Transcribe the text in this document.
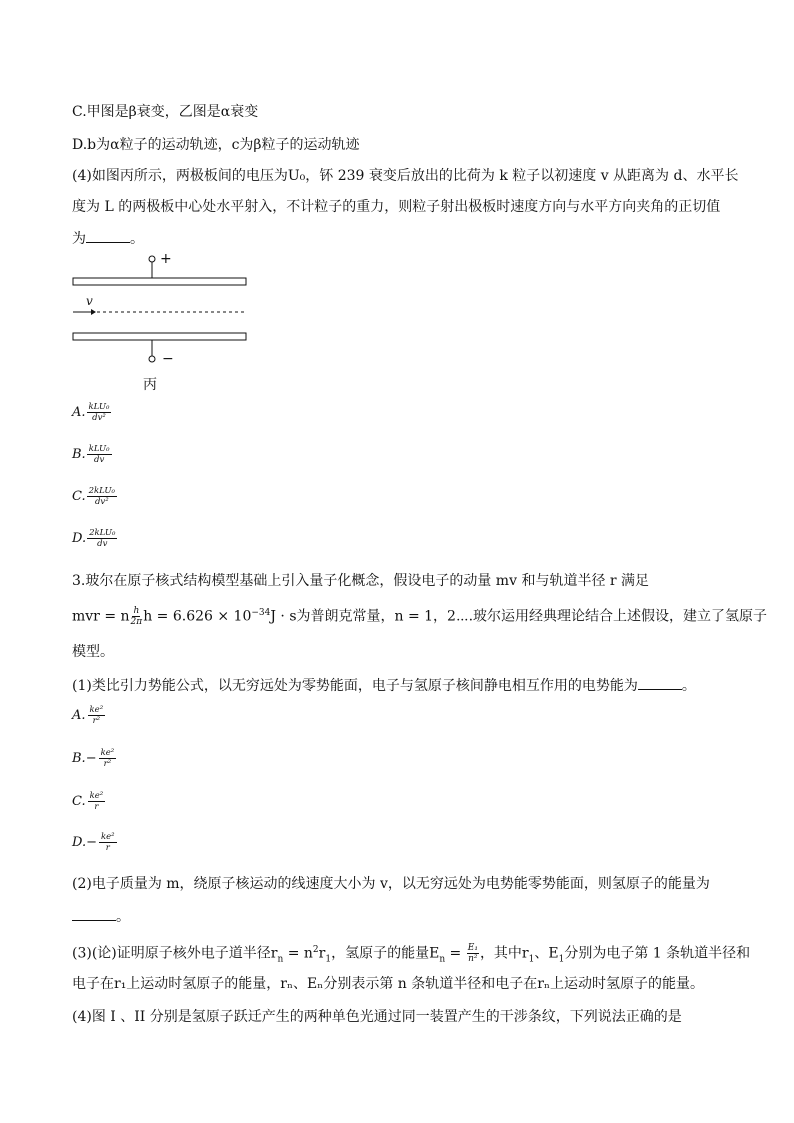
C.甲图是β衰变，乙图是α衰变
D.b为α粒子的运动轨迹，c为β粒子的运动轨迹
(4)如图丙所示，两极板间的电压为U₀，钚 239 衰变后放出的比荷为 k 粒子以初速度 v 从距离为 d、水平长
度为 L 的两极板中心处水平射入，不计粒子的重力，则粒子射出极板时速度方向与水平方向夹角的正切值
为	。
+
v
−
丙
A. $\frac{\text{kLU₀}}{\text{dv²}}$
B. $\frac{\text{kLU₀}}{dv}$
C. $\frac{\text{2kLU₀}}{\text{dv²}}$
D. $\frac{\text{2kLU₀}}{dv}$
3.玻尔在原子核式结构模型基础上引入量子化概念，假设电子的动量 mv 和与轨道半径 r 满足
mvr = n $\frac{h}{2\pi}$ $h = 6.626 \times 10^{-34}J \cdot s$为普朗克常量，n = 1，2⋯.玻尔运用经典理论结合上述假设，建立了氢原子
模型。
(1)类比引力势能公式，以无穷远处为零势能面，电子与氢原子核间静电相互作用的电势能为	。
A. $\frac{\text{ke²}}{\text{r²}}$
B. − $\frac{\text{ke²}}{\text{r²}}$
C. $\frac{\text{ke²}}{r}$
D. − $\frac{\text{ke²}}{r}$
(2)电子质量为 m，绕原子核运动的线速度大小为 v，以无穷远处为电势能零势能面，则氢原子的能量为
。
(3)(论)证明原子核外电子道半径$r_n = n^2r_1$，氢原子的能量$E_n = \frac{\text{E₁}}{\text{n²}}$ ，其中$r_1$、$E_1$分别为电子第 1 条轨道半径和
电子在r₁上运动时氢原子的能量，rₙ、Eₙ分别表示第 n 条轨道半径和电子在rₙ上运动时氢原子的能量。
(4)图 I 、II 分别是氢原子跃迁产生的两种单色光通过同一装置产生的干涉条纹，下列说法正确的是
